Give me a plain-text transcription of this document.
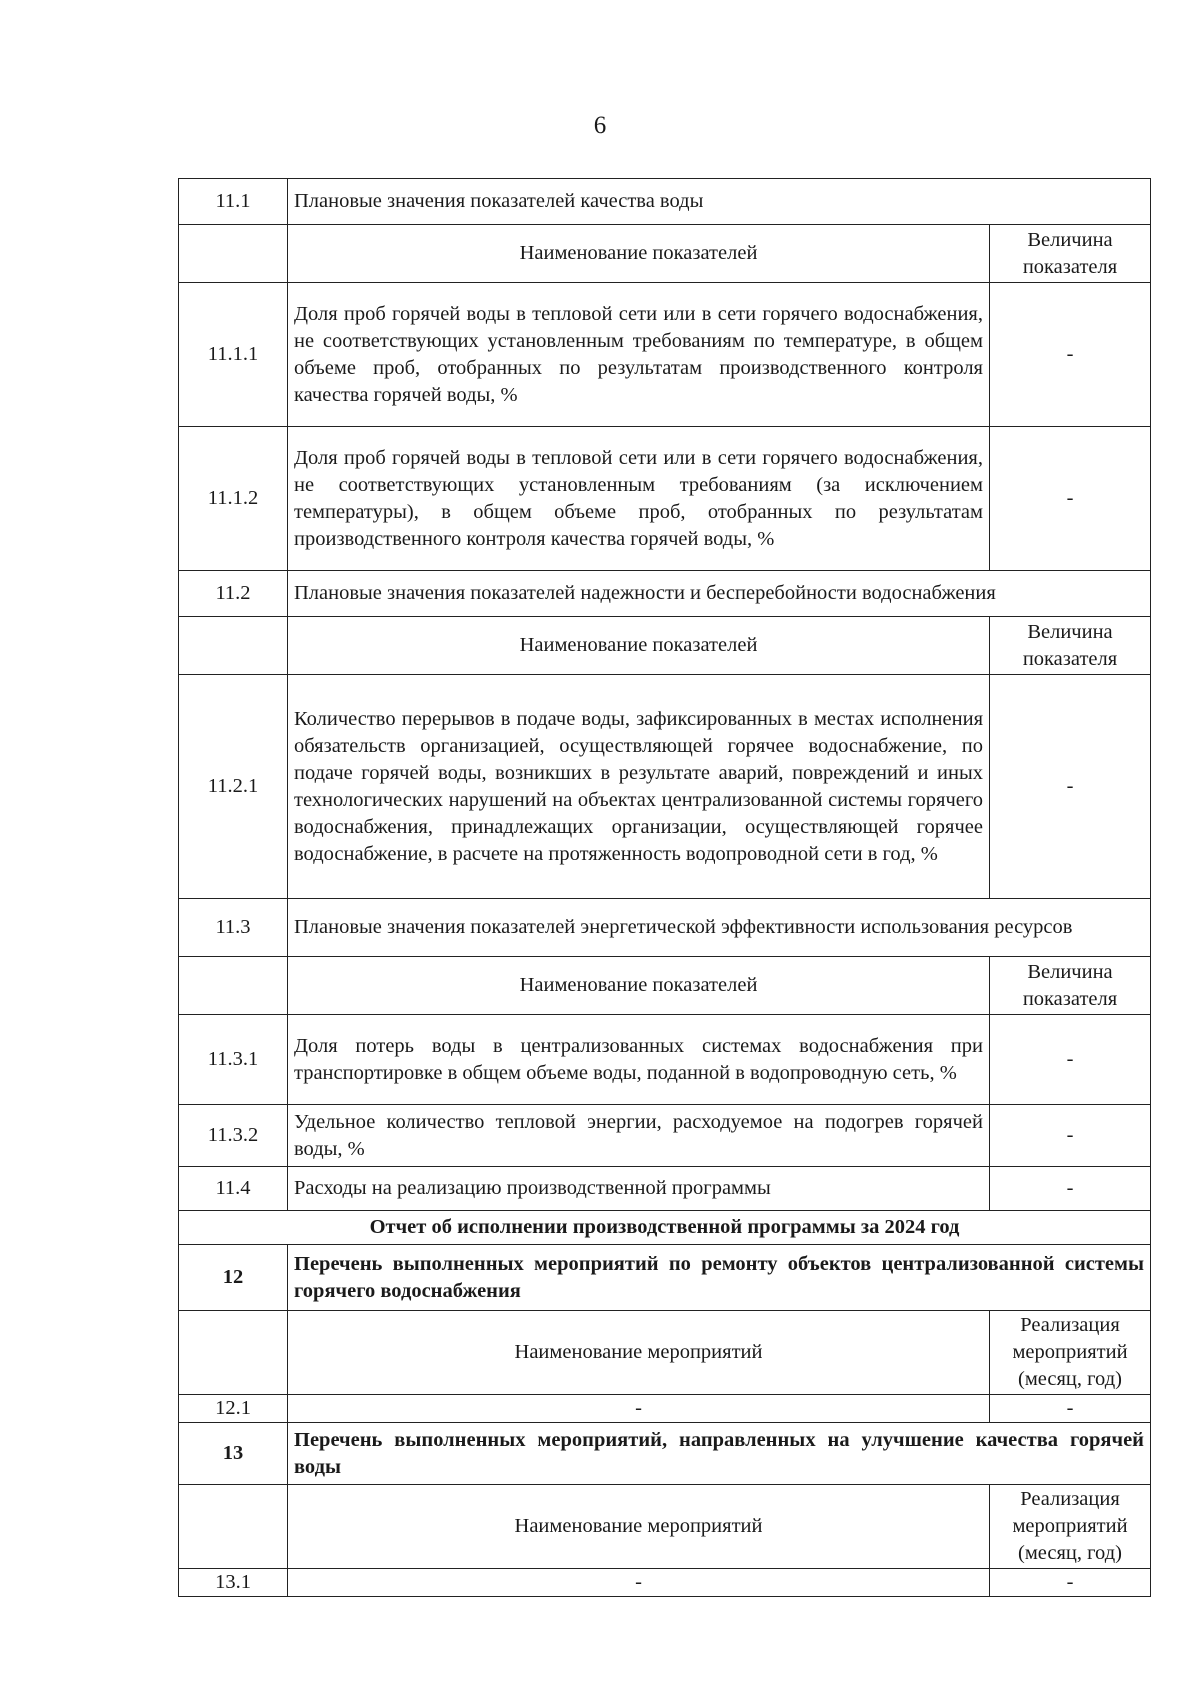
6
11.1	Плановые значения показателей качества воды	
	Наименование показателей	Величина показателя
11.1.1	Доля проб горячей воды в тепловой сети или в сети горячего водоснабжения, не соответствующих установленным требованиям по температуре, в общем объеме проб, отобранных по результатам производственного контроля качества горячей воды, %	-
11.1.2	Доля проб горячей воды в тепловой сети или в сети горячего водоснабжения, не соответствующих установленным требованиям (за исключением температуры), в общем объеме проб, отобранных по результатам производственного контроля качества горячей воды, %	-
11.2	Плановые значения показателей надежности и бесперебойности водоснабжения	
	Наименование показателей	Величина показателя
11.2.1	Количество перерывов в подаче воды, зафиксированных в местах исполнения обязательств организацией, осуществляющей горячее водоснабжение, по подаче горячей воды, возникших в результате аварий, повреждений и иных технологических нарушений на объектах централизованной системы горячего водоснабжения, принадлежащих организации, осуществляющей горячее водоснабжение, в расчете на протяженность водопроводной сети в год, %	-
11.3	Плановые значения показателей энергетической эффективности использования ресурсов	
	Наименование показателей	Величина показателя
11.3.1	Доля потерь воды в централизованных системах водоснабжения при транспортировке в общем объеме воды, поданной в водопроводную сеть, %	-
11.3.2	Удельное количество тепловой энергии, расходуемое на подогрев горячей воды, %	-
11.4	Расходы на реализацию производственной программы	-
Отчет об исполнении производственной программы за 2024 год		
12	Перечень выполненных мероприятий по ремонту объектов централизованной системы горячего водоснабжения	
	Наименование мероприятий	Реализация мероприятий (месяц, год)
12.1	-	-
13	Перечень выполненных мероприятий, направленных на улучшение качества горячей воды	
	Наименование мероприятий	Реализация мероприятий (месяц, год)
13.1	-	-
